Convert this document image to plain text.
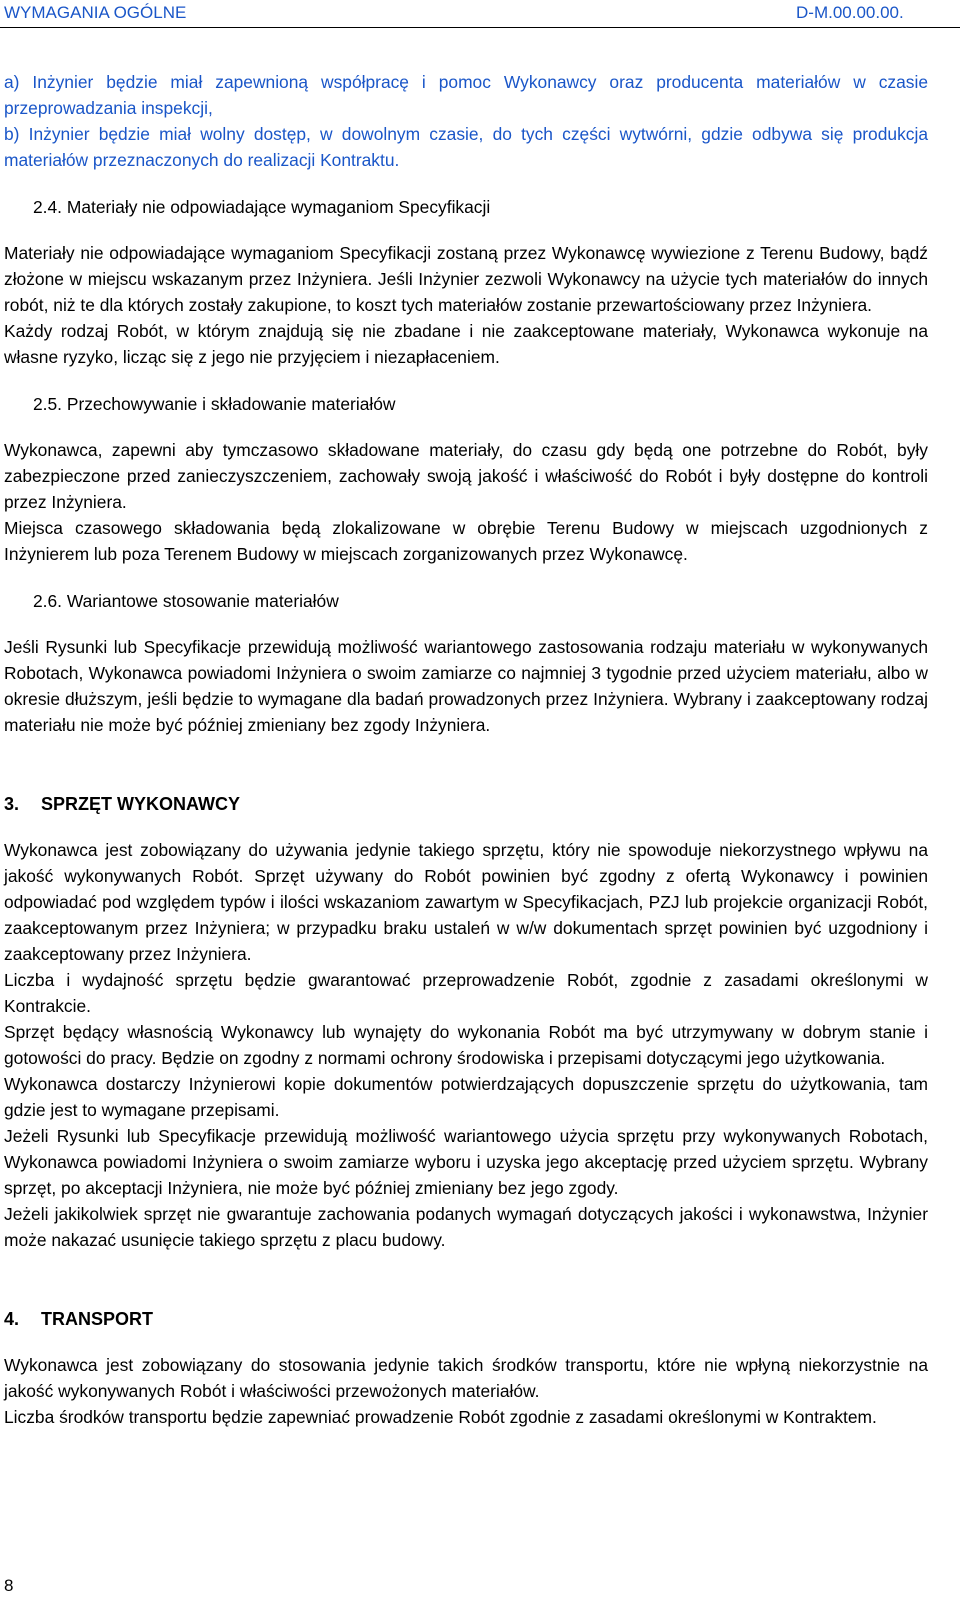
WYMAGANIA OGÓLNE	D-M.00.00.00.

a) Inżynier będzie miał zapewnioną współpracę i pomoc Wykonawcy oraz producenta materiałów w czasie przeprowadzania inspekcji,

b) Inżynier będzie miał wolny dostęp, w dowolnym czasie, do tych części wytwórni, gdzie odbywa się produkcja materiałów przeznaczonych do realizacji Kontraktu.

2.4. Materiały nie odpowiadające wymaganiom Specyfikacji

Materiały nie odpowiadające wymaganiom Specyfikacji zostaną przez Wykonawcę wywiezione z Terenu Budowy, bądź złożone w miejscu wskazanym przez Inżyniera. Jeśli Inżynier zezwoli Wykonawcy na użycie tych materiałów do innych robót, niż te dla których zostały zakupione, to koszt tych materiałów zostanie przewartościowany przez Inżyniera.

Każdy rodzaj Robót, w którym znajdują się nie zbadane i nie zaakceptowane materiały, Wykonawca wykonuje na własne ryzyko, licząc się z jego nie przyjęciem i niezapłaceniem.

2.5. Przechowywanie i składowanie materiałów

Wykonawca, zapewni aby tymczasowo składowane materiały, do czasu gdy będą one potrzebne do Robót, były zabezpieczone przed zanieczyszczeniem, zachowały swoją jakość i właściwość do Robót i były dostępne do kontroli przez Inżyniera.

Miejsca czasowego składowania będą zlokalizowane w obrębie Terenu Budowy w miejscach uzgodnionych z Inżynierem lub poza Terenem Budowy w miejscach zorganizowanych przez Wykonawcę.

2.6. Wariantowe stosowanie materiałów

Jeśli Rysunki lub Specyfikacje przewidują możliwość wariantowego zastosowania rodzaju materiału w wykonywanych Robotach, Wykonawca powiadomi Inżyniera o swoim zamiarze co najmniej 3 tygodnie przed użyciem materiału, albo w okresie dłuższym, jeśli będzie to wymagane dla badań prowadzonych przez Inżyniera. Wybrany i zaakceptowany rodzaj materiału nie może być później zmieniany bez zgody Inżyniera.

3. SPRZĘT WYKONAWCY

Wykonawca jest zobowiązany do używania jedynie takiego sprzętu, który nie spowoduje niekorzystnego wpływu na jakość wykonywanych Robót. Sprzęt używany do Robót powinien być zgodny z ofertą Wykonawcy i powinien odpowiadać pod względem typów i ilości wskazaniom zawartym w Specyfikacjach, PZJ lub projekcie organizacji Robót, zaakceptowanym przez Inżyniera; w przypadku braku ustaleń w w/w dokumentach sprzęt powinien być uzgodniony i zaakceptowany przez Inżyniera.

Liczba i wydajność sprzętu będzie gwarantować przeprowadzenie Robót, zgodnie z zasadami określonymi w Kontrakcie.

Sprzęt będący własnością Wykonawcy lub wynajęty do wykonania Robót ma być utrzymywany w dobrym stanie i gotowości do pracy. Będzie on zgodny z normami ochrony środowiska i przepisami dotyczącymi jego użytkowania.

Wykonawca dostarczy Inżynierowi kopie dokumentów potwierdzających dopuszczenie sprzętu do użytkowania, tam gdzie jest to wymagane przepisami.

Jeżeli Rysunki lub Specyfikacje przewidują możliwość wariantowego użycia sprzętu przy wykonywanych Robotach, Wykonawca powiadomi Inżyniera o swoim zamiarze wyboru i uzyska jego akceptację przed użyciem sprzętu. Wybrany sprzęt, po akceptacji Inżyniera, nie może być później zmieniany bez jego zgody.

Jeżeli jakikolwiek sprzęt nie gwarantuje zachowania podanych wymagań dotyczących jakości i wykonawstwa, Inżynier może nakazać usunięcie takiego sprzętu z placu budowy.

4. TRANSPORT

Wykonawca jest zobowiązany do stosowania jedynie takich środków transportu, które nie wpłyną niekorzystnie na jakość wykonywanych Robót i właściwości przewożonych materiałów.

Liczba środków transportu będzie zapewniać prowadzenie Robót zgodnie z zasadami określonymi w Kontraktem.

8
